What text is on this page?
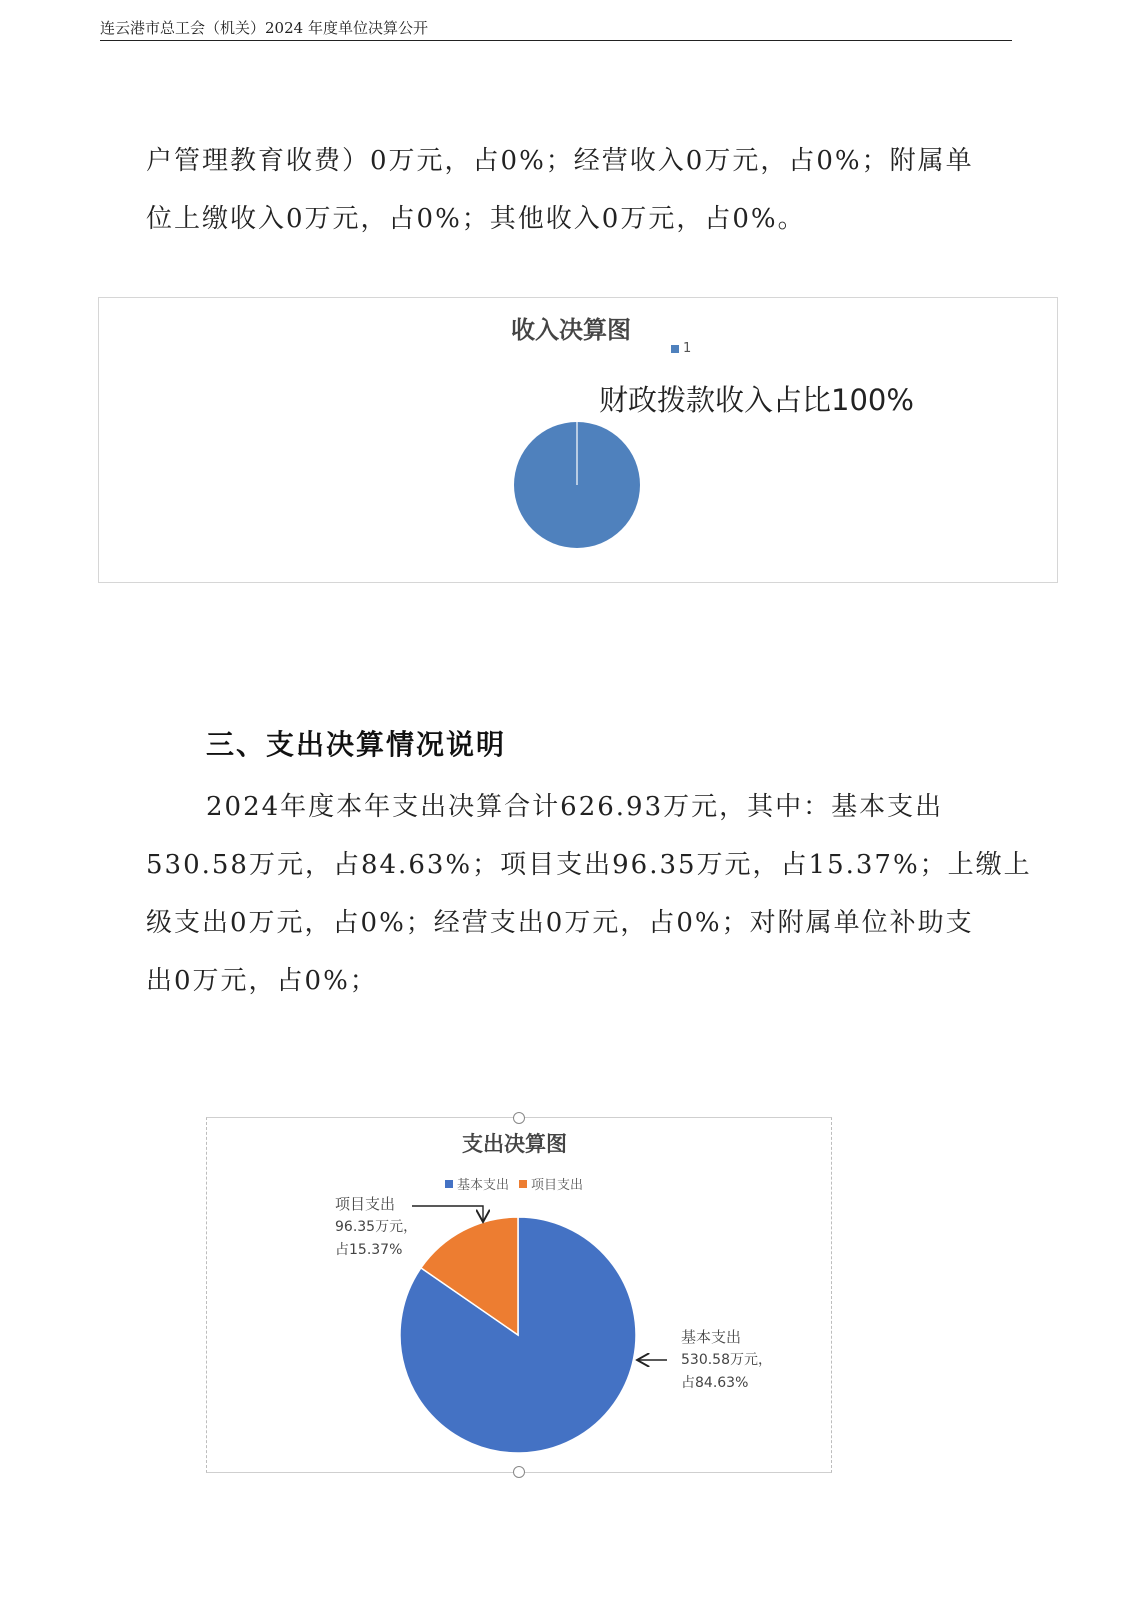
连云港市总工会（机关）2024 年度单位决算公开
户管理教育收费）0万元，占0%；经营收入0万元，占0%；附属单
位上缴收入0万元，占0%；其他收入0万元，占0%。
收入决算图
1
财政拨款收入占比100%
三、支出决算情况说明
2024年度本年支出决算合计626.93万元，其中：基本支出
530.58万元，占84.63%；项目支出96.35万元，占15.37%；上缴上
级支出0万元，占0%；经营支出0万元，占0%；对附属单位补助支
出0万元，占0%；
支出决算图
基本支出 项目支出
项目支出
96.35万元，
占15.37%
基本支出
530.58万元，
占84.63%
